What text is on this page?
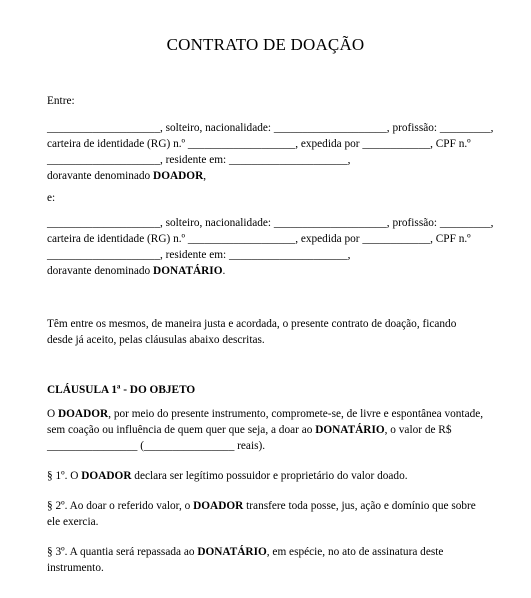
CONTRATO DE DOAÇÃO
Entre:
____________________, solteiro, nacionalidade: ____________________, profissão: _________,
carteira de identidade (RG) n.º ___________________, expedida por ____________, CPF n.º
____________________, residente em: _____________________,
doravante denominado DOADOR,
e:
____________________, solteiro, nacionalidade: ____________________, profissão: _________,
carteira de identidade (RG) n.º ___________________, expedida por ____________, CPF n.º
____________________, residente em: _____________________,
doravante denominado DONATÁRIO.
Têm entre os mesmos, de maneira justa e acordada, o presente contrato de doação, ficando
desde já aceito, pelas cláusulas abaixo descritas.
CLÁUSULA 1ª - DO OBJETO
O DOADOR, por meio do presente instrumento, compromete-se, de livre e espontânea vontade,
sem coação ou influência de quem quer que seja, a doar ao DONATÁRIO, o valor de R$
________________ (________________ reais).
§ 1º. O DOADOR declara ser legítimo possuidor e proprietário do valor doado.
§ 2º. Ao doar o referido valor, o DOADOR transfere toda posse, jus, ação e domínio que sobre
ele exercia.
§ 3º. A quantia será repassada ao DONATÁRIO, em espécie, no ato de assinatura deste
instrumento.
